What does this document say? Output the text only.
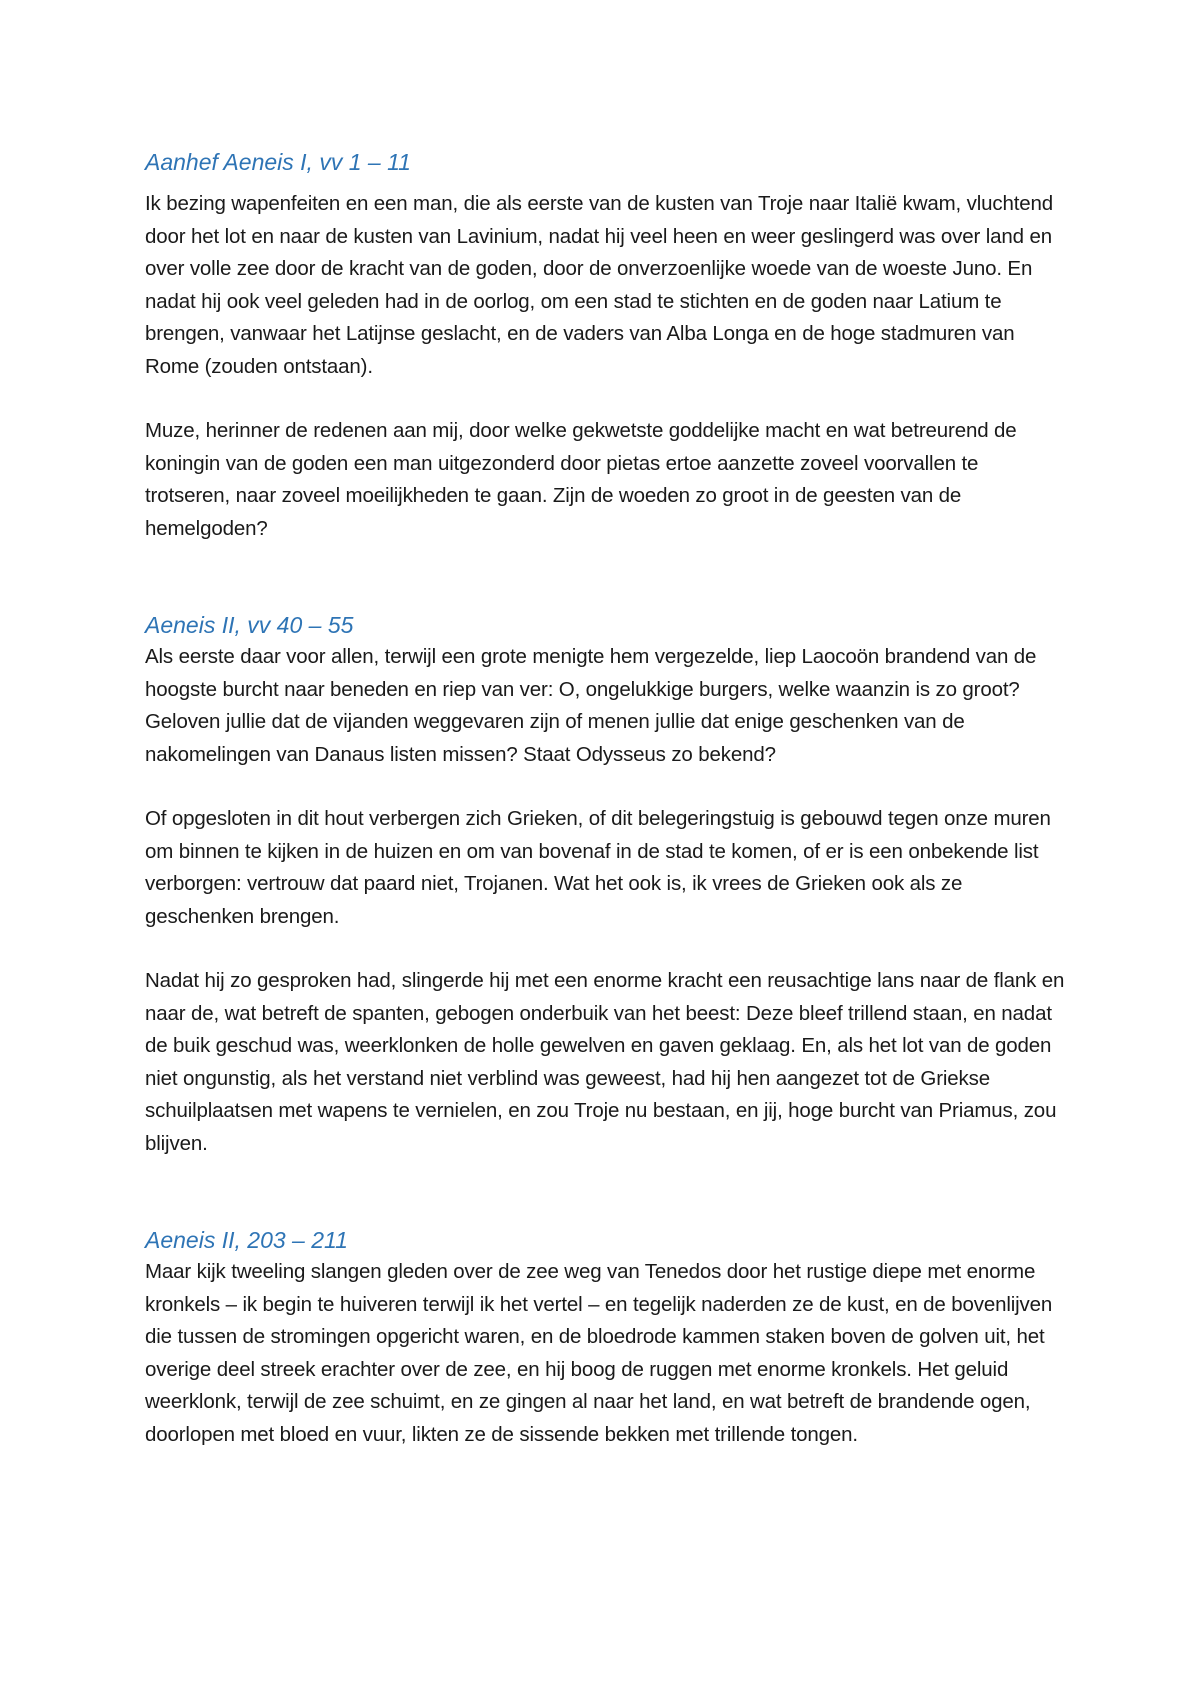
Aanhef Aeneis I, vv 1 – 11

Ik bezing wapenfeiten en een man, die als eerste van de kusten van Troje naar Italië kwam, vluchtend door het lot en naar de kusten van Lavinium, nadat hij veel heen en weer geslingerd was over land en over volle zee door de kracht van de goden, door de onverzoenlijke woede van de woeste Juno. En nadat hij ook veel geleden had in de oorlog, om een stad te stichten en de goden naar Latium te brengen, vanwaar het Latijnse geslacht, en de vaders van Alba Longa en de hoge stadmuren van Rome (zouden ontstaan).

Muze, herinner de redenen aan mij, door welke gekwetste goddelijke macht en wat betreurend de koningin van de goden een man uitgezonderd door pietas ertoe aanzette zoveel voorvallen te trotseren, naar zoveel moeilijkheden te gaan. Zijn de woeden zo groot in de geesten van de hemelgoden?

Aeneis II, vv 40 – 55

Als eerste daar voor allen, terwijl een grote menigte hem vergezelde, liep Laocoön brandend van de hoogste burcht naar beneden en riep van ver: O, ongelukkige burgers, welke waanzin is zo groot? Geloven jullie dat de vijanden weggevaren zijn of menen jullie dat enige geschenken van de nakomelingen van Danaus listen missen? Staat Odysseus zo bekend?

Of opgesloten in dit hout verbergen zich Grieken, of dit belegeringstuig is gebouwd tegen onze muren om binnen te kijken in de huizen en om van bovenaf in de stad te komen, of er is een onbekende list verborgen: vertrouw dat paard niet, Trojanen. Wat het ook is, ik vrees de Grieken ook als ze geschenken brengen.

Nadat hij zo gesproken had, slingerde hij met een enorme kracht een reusachtige lans naar de flank en naar de, wat betreft de spanten, gebogen onderbuik van het beest: Deze bleef trillend staan, en nadat de buik geschud was, weerklonken de holle gewelven en gaven geklaag. En, als het lot van de goden niet ongunstig, als het verstand niet verblind was geweest, had hij hen aangezet tot de Griekse schuilplaatsen met wapens te vernielen, en zou Troje nu bestaan, en jij, hoge burcht van Priamus, zou blijven.

Aeneis II, 203 – 211

Maar kijk tweeling slangen gleden over de zee weg van Tenedos door het rustige diepe met enorme kronkels – ik begin te huiveren terwijl ik het vertel – en tegelijk naderden ze de kust, en de bovenlijven die tussen de stromingen opgericht waren, en de bloedrode kammen staken boven de golven uit, het overige deel streek erachter over de zee, en hij boog de ruggen met enorme kronkels. Het geluid weerklonk, terwijl de zee schuimt, en ze gingen al naar het land, en wat betreft de brandende ogen, doorlopen met bloed en vuur, likten ze de sissende bekken met trillende tongen.
